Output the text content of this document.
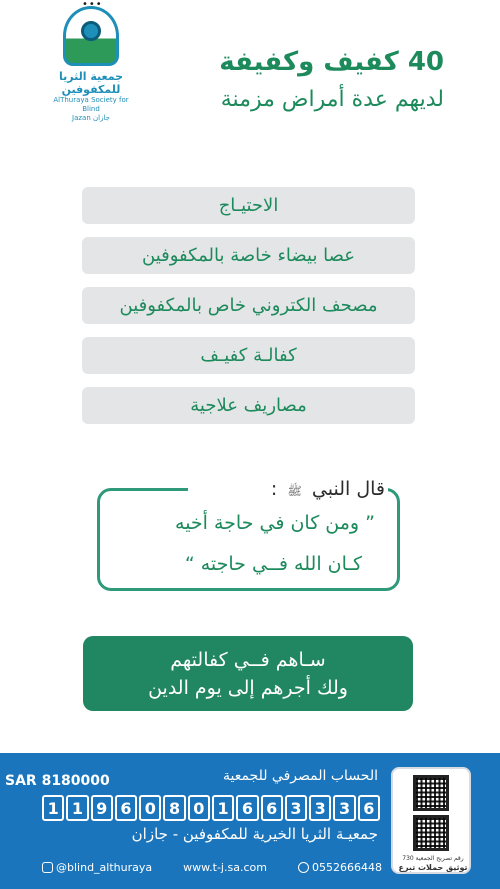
•••
جمعية الثريا للمكفوفين
AlThuraya Society for Blind
Jazan جازان
40 كفيف وكفيفة
لديهم عدة أمراض مزمنة
الاحتيـاج
عصا بيضاء خاصة بالمكفوفين
مصحف الكتروني خاص بالمكفوفين
كفالـة كفيـف
مصاريف علاجية
قال النبي ﷺ :
” ومن كان في حاجة أخيه
كـان الله فــي حاجته “
سـاهم فــي كفالتهم
ولك أجرهم إلى يوم الدين
الحساب المصرفي للجمعية
SAR 8180000
1 1 9 6 0 8 0 1 6 6 3 3 3 6
جمعيـة الثريا الخيرية للمكفوفين - جازان
@blind_althuraya	www.t-j.sa.com	0552666448
رقم تصريح الجمعية 730
توثيق حملات تبرع
